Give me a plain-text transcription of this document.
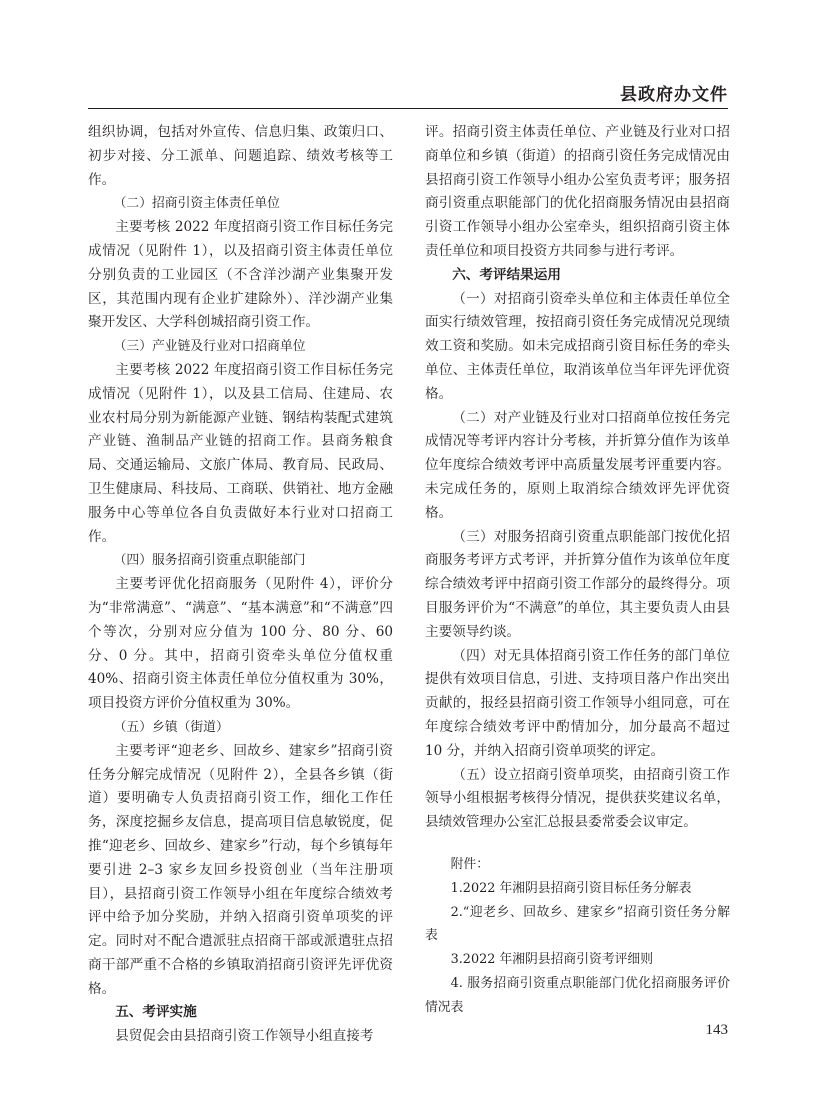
县政府办文件

组织协调，包括对外宣传、信息归集、政策归口、初步对接、分工派单、问题追踪、绩效考核等工作。

（二）招商引资主体责任单位

主要考核 2022 年度招商引资工作目标任务完成情况（见附件 1），以及招商引资主体责任单位分别负责的工业园区（不含洋沙湖产业集聚开发区，其范围内现有企业扩建除外）、洋沙湖产业集聚开发区、大学科创城招商引资工作。

（三）产业链及行业对口招商单位

主要考核 2022 年度招商引资工作目标任务完成情况（见附件 1），以及县工信局、住建局、农业农村局分别为新能源产业链、钢结构装配式建筑产业链、渔制品产业链的招商工作。县商务粮食局、交通运输局、文旅广体局、教育局、民政局、卫生健康局、科技局、工商联、供销社、地方金融服务中心等单位各自负责做好本行业对口招商工作。

（四）服务招商引资重点职能部门

主要考评优化招商服务（见附件 4），评价分为“非常满意”、“满意”、“基本满意”和“不满意”四个等次，分别对应分值为 100 分、80 分、60 分、0 分。其中，招商引资牵头单位分值权重 40%、招商引资主体责任单位分值权重为 30%，项目投资方评价分值权重为 30%。

（五）乡镇（街道）

主要考评“迎老乡、回故乡、建家乡”招商引资任务分解完成情况（见附件 2），全县各乡镇（街道）要明确专人负责招商引资工作，细化工作任务，深度挖掘乡友信息，提高项目信息敏锐度，促推“迎老乡、回故乡、建家乡”行动，每个乡镇每年要引进 2–3 家乡友回乡投资创业（当年注册项目），县招商引资工作领导小组在年度综合绩效考评中给予加分奖励，并纳入招商引资单项奖的评定。同时对不配合遣派驻点招商干部或派遣驻点招商干部严重不合格的乡镇取消招商引资评先评优资格。

五、考评实施

县贸促会由县招商引资工作领导小组直接考

评。招商引资主体责任单位、产业链及行业对口招商单位和乡镇（街道）的招商引资任务完成情况由县招商引资工作领导小组办公室负责考评；服务招商引资重点职能部门的优化招商服务情况由县招商引资工作领导小组办公室牵头，组织招商引资主体责任单位和项目投资方共同参与进行考评。

六、考评结果运用

（一）对招商引资牵头单位和主体责任单位全面实行绩效管理，按招商引资任务完成情况兑现绩效工资和奖励。如未完成招商引资目标任务的牵头单位、主体责任单位，取消该单位当年评先评优资格。

（二）对产业链及行业对口招商单位按任务完成情况等考评内容计分考核，并折算分值作为该单位年度综合绩效考评中高质量发展考评重要内容。未完成任务的，原则上取消综合绩效评先评优资格。

（三）对服务招商引资重点职能部门按优化招商服务考评方式考评，并折算分值作为该单位年度综合绩效考评中招商引资工作部分的最终得分。项目服务评价为“不满意”的单位，其主要负责人由县主要领导约谈。

（四）对无具体招商引资工作任务的部门单位提供有效项目信息，引进、支持项目落户作出突出贡献的，报经县招商引资工作领导小组同意，可在年度综合绩效考评中酌情加分，加分最高不超过 10 分，并纳入招商引资单项奖的评定。

（五）设立招商引资单项奖，由招商引资工作领导小组根据考核得分情况，提供获奖建议名单，县绩效管理办公室汇总报县委常委会议审定。

附件：

1.2022 年湘阴县招商引资目标任务分解表

2.“迎老乡、回故乡、建家乡”招商引资任务分解表

3.2022 年湘阴县招商引资考评细则

4. 服务招商引资重点职能部门优化招商服务评价情况表

143
